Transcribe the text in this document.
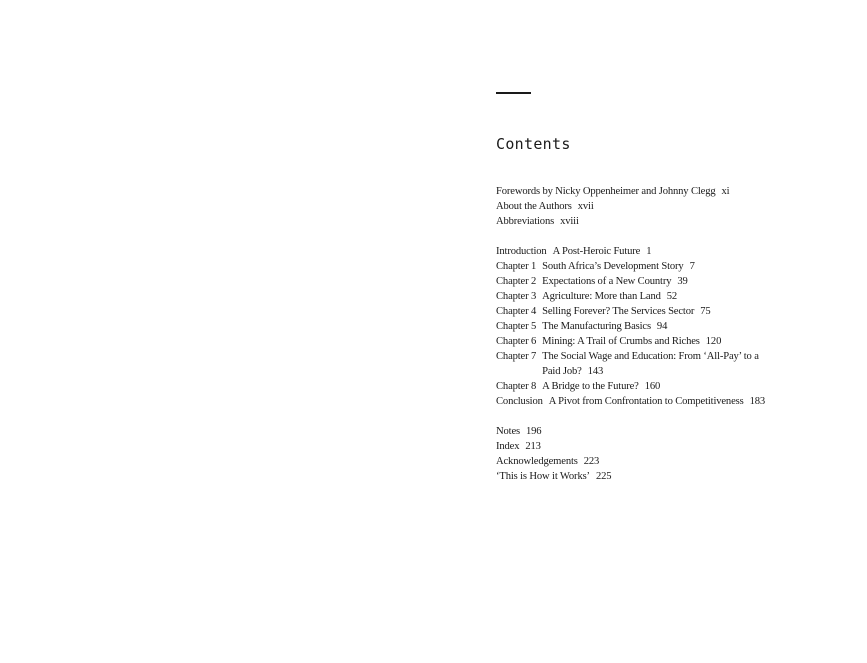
Contents
Forewords by Nicky Oppenheimer and Johnny Clegg xi
About the Authors xvii
Abbreviations xviii
Introduction A Post-Heroic Future 1
Chapter 1 South Africa’s Development Story 7
Chapter 2 Expectations of a New Country 39
Chapter 3 Agriculture: More than Land 52
Chapter 4 Selling Forever? The Services Sector 75
Chapter 5 The Manufacturing Basics 94
Chapter 6 Mining: A Trail of Crumbs and Riches 120
Chapter 7	The Social Wage and Education: From ‘All-Pay’ to a Paid Job? 143
Chapter 8 A Bridge to the Future? 160
Conclusion A Pivot from Confrontation to Competitiveness 183
Notes 196
Index 213
Acknowledgements 223
‘This is How it Works’ 225
